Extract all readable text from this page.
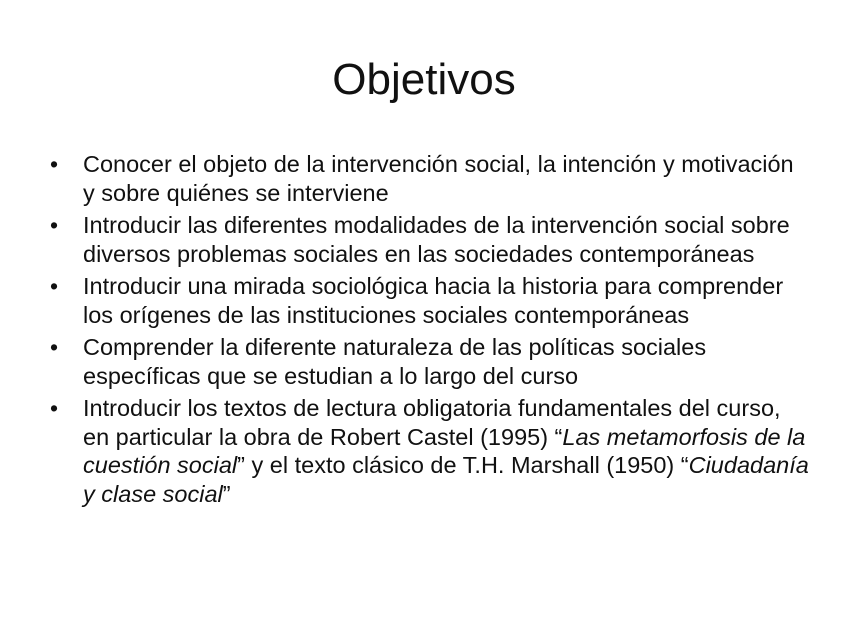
Objetivos
•	Conocer el objeto de la intervención social, la intención y motivación y sobre quiénes se interviene
•	Introducir las diferentes modalidades de la intervención social sobre diversos problemas sociales en las sociedades contemporáneas
•	Introducir una mirada sociológica hacia la historia para comprender los orígenes de las instituciones sociales contemporáneas
•	Comprender la diferente naturaleza de las políticas sociales específicas que se estudian a lo largo del curso
•	Introducir los textos de lectura obligatoria fundamentales del curso, en particular la obra de Robert Castel (1995) “Las metamorfosis de la cuestión social” y el texto clásico de T.H. Marshall (1950) “Ciudadanía y clase social”
